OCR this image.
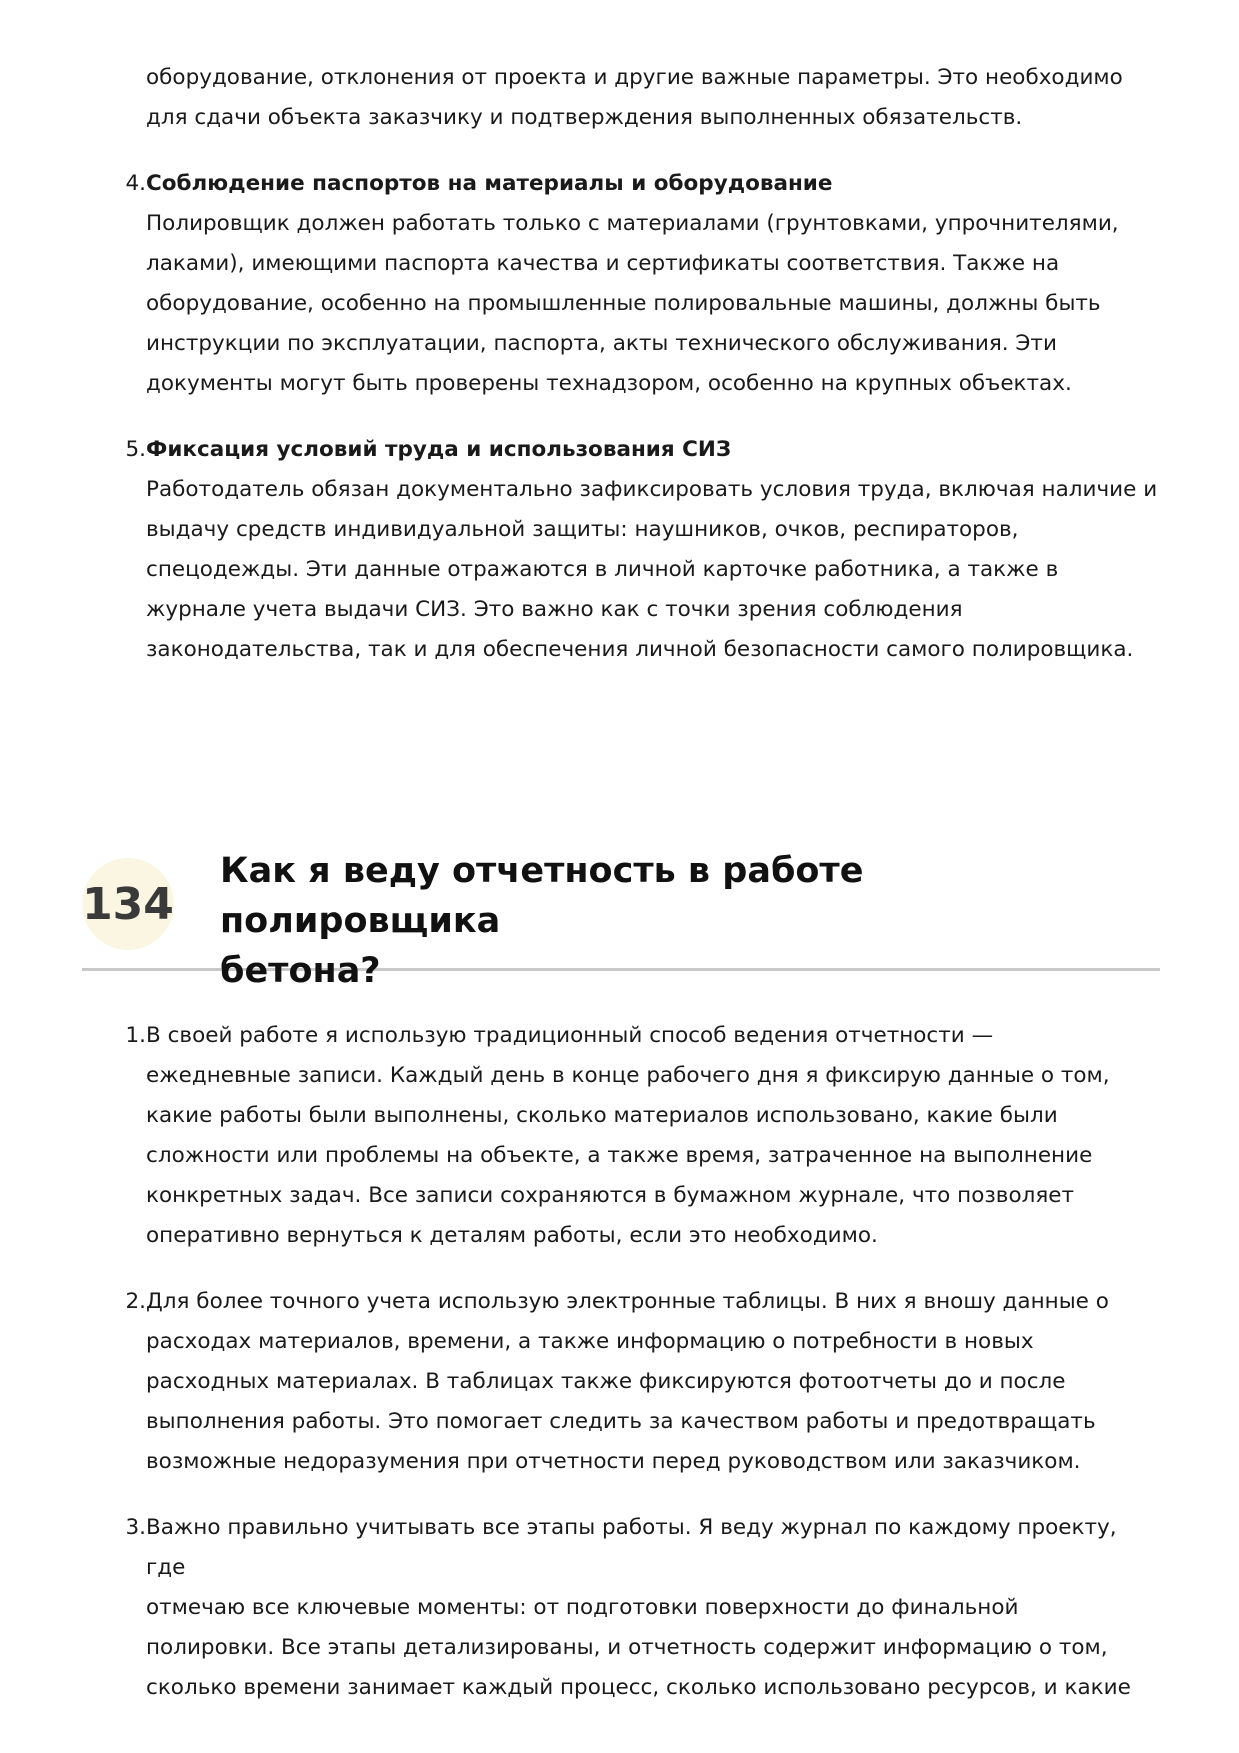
оборудование, отклонения от проекта и другие важные параметры. Это необходимо
для сдачи объекта заказчику и подтверждения выполненных обязательств.
4. Соблюдение паспортов на материалы и оборудование
Полировщик должен работать только с материалами (грунтовками, упрочнителями,
лаками), имеющими паспорта качества и сертификаты соответствия. Также на
оборудование, особенно на промышленные полировальные машины, должны быть
инструкции по эксплуатации, паспорта, акты технического обслуживания. Эти
документы могут быть проверены технадзором, особенно на крупных объектах.
5. Фиксация условий труда и использования СИЗ
Работодатель обязан документально зафиксировать условия труда, включая наличие и
выдачу средств индивидуальной защиты: наушников, очков, респираторов,
спецодежды. Эти данные отражаются в личной карточке работника, а также в
журнале учета выдачи СИЗ. Это важно как с точки зрения соблюдения
законодательства, так и для обеспечения личной безопасности самого полировщика.
134
Как я веду отчетность в работе полировщика
бетона?
1. В своей работе я использую традиционный способ ведения отчетности —
ежедневные записи. Каждый день в конце рабочего дня я фиксирую данные о том,
какие работы были выполнены, сколько материалов использовано, какие были
сложности или проблемы на объекте, а также время, затраченное на выполнение
конкретных задач. Все записи сохраняются в бумажном журнале, что позволяет
оперативно вернуться к деталям работы, если это необходимо.
2. Для более точного учета использую электронные таблицы. В них я вношу данные о
расходах материалов, времени, а также информацию о потребности в новых
расходных материалах. В таблицах также фиксируются фотоотчеты до и после
выполнения работы. Это помогает следить за качеством работы и предотвращать
возможные недоразумения при отчетности перед руководством или заказчиком.
3. Важно правильно учитывать все этапы работы. Я веду журнал по каждому проекту, где
отмечаю все ключевые моменты: от подготовки поверхности до финальной
полировки. Все этапы детализированы, и отчетность содержит информацию о том,
сколько времени занимает каждый процесс, сколько использовано ресурсов, и какие
